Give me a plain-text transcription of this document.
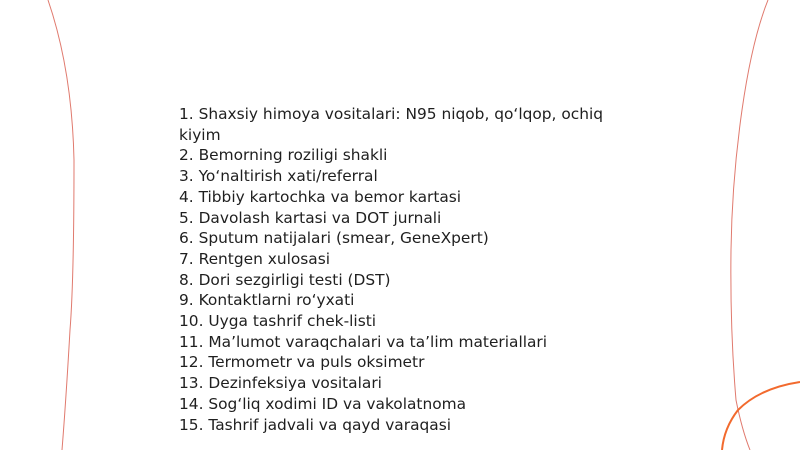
1. Shaxsiy himoya vositalari: N95 niqob, qo‘lqop, ochiq kiyim
2. Bemorning roziligi shakli
3. Yo‘naltirish xati/referral
4. Tibbiy kartochka va bemor kartasi
5. Davolash kartasi va DOT jurnali
6. Sputum natijalari (smear, GeneXpert)
7. Rentgen xulosasi
8. Dori sezgirligi testi (DST)
9. Kontaktlarni ro‘yxati
10. Uyga tashrif chek-listi
11. Ma’lumot varaqchalari va ta’lim materiallari
12. Termometr va puls oksimetr
13. Dezinfeksiya vositalari
14. Sog‘liq xodimi ID va vakolatnoma
15. Tashrif jadvali va qayd varaqasi
